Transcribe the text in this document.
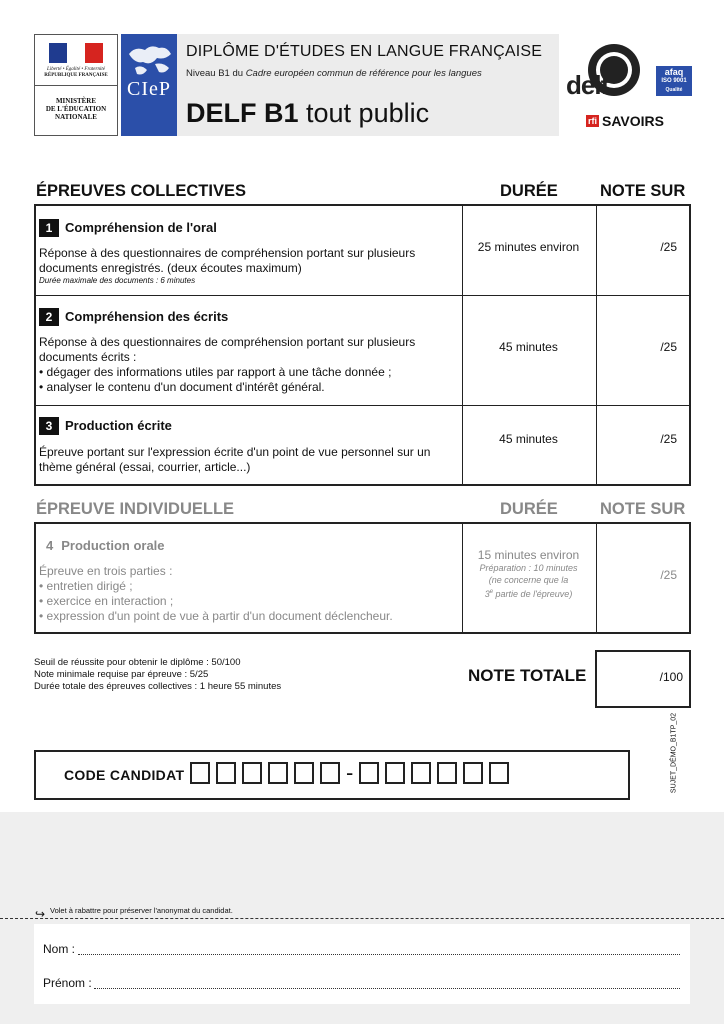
Liberté • Égalité • Fraternité
RÉPUBLIQUE FRANÇAISE
MINISTÈRE
DE L'ÉDUCATION
NATIONALE
CIeP
DIPLÔME D'ÉTUDES EN LANGUE FRANÇAISE
Niveau B1 du Cadre européen commun de référence pour les langues
DELF B1 tout public
delf	afaq
ISO 9001
Qualité
rfi SAVOIRS
ÉPREUVES COLLECTIVES	DURÉE	NOTE SUR
1 Compréhension de l'oral
Réponse à des questionnaires de compréhension portant sur plusieurs
documents enregistrés. (deux écoutes maximum)
Durée maximale des documents : 6 minutes
25 minutes environ	/25
2 Compréhension des écrits
Réponse à des questionnaires de compréhension portant sur plusieurs
documents écrits :
• dégager des informations utiles par rapport à une tâche donnée ;
• analyser le contenu d'un document d'intérêt général.
45 minutes	/25
3 Production écrite
Épreuve portant sur l'expression écrite d'un point de vue personnel sur un
thème général (essai, courrier, article...)
45 minutes	/25
ÉPREUVE INDIVIDUELLE	DURÉE	NOTE SUR
4 Production orale
Épreuve en trois parties :
• entretien dirigé ;
• exercice en interaction ;
• expression d'un point de vue à partir d'un document déclencheur.
15 minutes environ
Préparation : 10 minutes
(ne concerne que la
3e partie de l'épreuve)
/25
Seuil de réussite pour obtenir le diplôme : 50/100
Note minimale requise par épreuve : 5/25
Durée totale des épreuves collectives : 1 heure 55 minutes
NOTE TOTALE	/100
CODE CANDIDAT	-	SUJET_DÉMO_B1TP_02
↪ Volet à rabattre pour préserver l'anonymat du candidat.
Nom :
Prénom :
